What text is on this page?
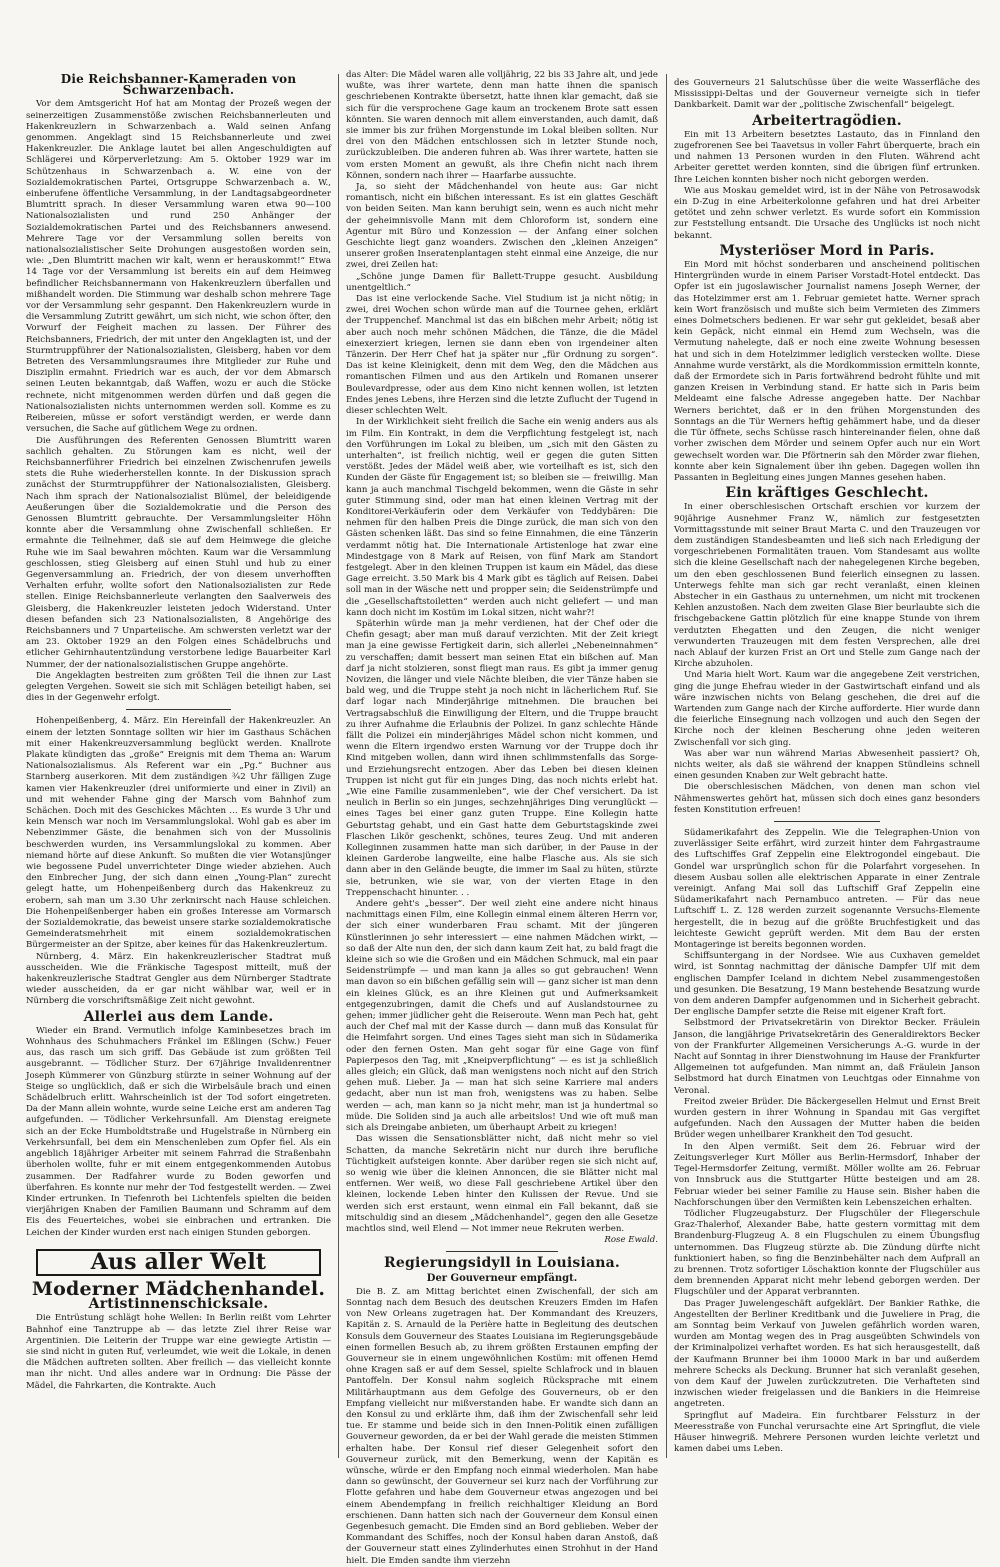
Die Reichsbanner-Kameraden von Schwarzenbach.

Vor dem Amtsgericht Hof hat am Montag der Prozeß wegen der seinerzeitigen Zusammenstöße zwischen Reichsbannerleuten und Hakenkreuzlern in Schwarzenbach a. Wald seinen Anfang genommen. Angeklagt sind 15 Reichsbannerleute und zwei Hakenkreuzler. Die Anklage lautet bei allen Angeschuldigten auf Schlägerei und Körperverletzung: Am 5. Oktober 1929 war im Schützenhaus in Schwarzenbach a. W. eine von der Sozialdemokratischen Partei, Ortsgruppe Schwarzenbach a. W., einberufene öffentliche Versammlung, in der Landtagsabgeordneter Blumtritt sprach. In dieser Versammlung waren etwa 90—100 Nationalsozialisten und rund 250 Anhänger der Sozialdemokratischen Partei und des Reichsbanners anwesend. Mehrere Tage vor der Versammlung sollen bereits von nationalsozialistischer Seite Drohungen ausgestoßen worden sein, wie: „Den Blumtritt machen wir kalt, wenn er herauskommt!“ Etwa 14 Tage vor der Versammlung ist bereits ein auf dem Heimweg befindlicher Reichsbannermann von Hakenkreuzlern überfallen und mißhandelt worden. Die Stimmung war deshalb schon mehrere Tage vor der Versammlung sehr gespannt. Den Hakenkreuzlern wurde in die Versammlung Zutritt gewährt, um sich nicht, wie schon öfter, den Vorwurf der Feigheit machen zu lassen. Der Führer des Reichsbanners, Friedrich, der mit unter den Angeklagten ist, und der Sturmtruppführer der Nationalsozialisten, Gleisberg, haben vor dem Betreten des Versammlungsraumes ihre Mitglieder zur Ruhe und Disziplin ermahnt. Friedrich war es auch, der vor dem Abmarsch seinen Leuten bekanntgab, daß Waffen, wozu er auch die Stöcke rechnete, nicht mitgenommen werden dürfen und daß gegen die Nationalsozialisten nichts unternommen werden soll. Komme es zu Reibereien, müsse er sofort verständigt werden, er werde dann versuchen, die Sache auf gütlichem Wege zu ordnen.

Die Ausführungen des Referenten Genossen Blumtritt waren sachlich gehalten. Zu Störungen kam es nicht, weil der Reichsbannerführer Friedrich bei einzelnen Zwischenrufen jeweils stets die Ruhe wiederherstellen konnte. In der Diskussion sprach zunächst der Sturmtruppführer der Nationalsozialisten, Gleisberg. Nach ihm sprach der Nationalsozialist Blümel, der beleidigende Aeußerungen über die Sozialdemokratie und die Person des Genossen Blumtritt gebrauchte. Der Versammlungsleiter Höhn konnte aber die Versammlung ohne Zwischenfall schließen. Er ermahnte die Teilnehmer, daß sie auf dem Heimwege die gleiche Ruhe wie im Saal bewahren möchten. Kaum war die Versammlung geschlossen, stieg Gleisberg auf einen Stuhl und hub zu einer Gegenversammlung an. Friedrich, der von diesem unverhofften Verhalten erfuhr, wollte sofort den Nationalsozialisten zur Rede stellen. Einige Reichsbannerleute verlangten den Saalverweis des Gleisberg, die Hakenkreuzler leisteten jedoch Widerstand. Unter diesen befanden sich 23 Nationalsozialisten, 8 Angehörige des Reichsbanners und 7 Unparteiische. Am schwersten verletzt war der am 23. Oktober 1929 an den Folgen eines Schädelbruchs und etlicher Gehirnhautentzündung verstorbene ledige Bauarbeiter Karl Nummer, der der nationalsozialistischen Gruppe angehörte.

Die Angeklagten bestreiten zum größten Teil die ihnen zur Last gelegten Vergehen. Soweit sie sich mit Schlägen beteiligt haben, sei dies in der Gegenwehr erfolgt.

Hohenpeißenberg, 4. März. Ein Hereinfall der Hakenkreuzler. An einem der letzten Sonntage sollten wir hier im Gasthaus Schächen mit einer Hakenkreuzversammlung beglückt werden. Knallrote Plakate kündigten das „große“ Ereignis mit dem Thema an: Warum Nationalsozialismus. Als Referent war ein „Pg.“ Buchner aus Starnberg auserkoren. Mit dem zuständigen ¾2 Uhr fälligen Zuge kamen vier Hakenkreuzler (drei uniformierte und einer in Zivil) an und mit wehender Fahne ging der Marsch vom Bahnhof zum Schächen. Doch mit des Geschickes Mächten … Es wurde 3 Uhr und kein Mensch war noch im Versammlungslokal. Wohl gab es aber im Nebenzimmer Gäste, die benahmen sich von der Mussolinis beschwerden wurden, ins Versammlungslokal zu kommen. Aber niemand hörte auf diese Ankunft. So mußten die vier Wotansjünger wie begossene Pudel unverrichteter Dinge wieder abziehen. Auch den Einbrecher Jung, der sich dann einen „Young-Plan“ zurecht gelegt hatte, um Hohenpeißenberg durch das Hakenkreuz zu erobern, sah man um 3.30 Uhr zerknirscht nach Hause schleichen. Die Hohenpeißenberger haben ein großes Interesse am Vormarsch der Sozialdemokratie, das beweist unsere starke sozialdemokratische Gemeinderatsmehrheit mit einem sozialdemokratischen Bürgermeister an der Spitze, aber keines für das Hakenkreuzlertum.

Nürnberg, 4. März. Ein hakenkreuzlerischer Stadtrat muß ausscheiden. Wie die Fränkische Tagespost mitteilt, muß der hakenkreuzlerische Stadtrat Gengler aus dem Nürnberger Stadtrate wieder ausscheiden, da er gar nicht wählbar war, weil er in Nürnberg die vorschriftsmäßige Zeit nicht gewohnt.

Allerlei aus dem Lande.

Wieder ein Brand. Vermutlich infolge Kaminbesetzes brach im Wohnhaus des Schuhmachers Fränkel im Eßlingen (Schw.) Feuer aus, das rasch um sich griff. Das Gebäude ist zum größten Teil ausgebrannt. — Tödlicher Sturz. Der 67jährige Invalidenrentner Joseph Kümmerer von Günzburg stürzte in seiner Wohnung auf der Steige so unglücklich, daß er sich die Wirbelsäule brach und einen Schädelbruch erlitt. Wahrscheinlich ist der Tod sofort eingetreten. Da der Mann allein wohnte, wurde seine Leiche erst am anderen Tag aufgefunden. — Tödlicher Verkehrsunfall. Am Dienstag ereignete sich an der Ecke Humboldtstraße und Hugelstraße in Nürnberg ein Verkehrsunfall, bei dem ein Menschenleben zum Opfer fiel. Als ein angeblich 18jähriger Arbeiter mit seinem Fahrrad die Straßenbahn überholen wollte, fuhr er mit einem entgegenkommenden Autobus zusammen. Der Radfahrer wurde zu Boden geworfen und überfahren. Es konnte nur mehr der Tod festgestellt werden. — Zwei Kinder ertrunken. In Tiefenroth bei Lichtenfels spielten die beiden vierjährigen Knaben der Familien Baumann und Schramm auf dem Eis des Feuerteiches, wobei sie einbrachen und ertranken. Die Leichen der Kinder wurden erst nach einigen Stunden geborgen.

Aus aller Welt
Moderner Mädchenhandel.
Artistinnenschicksale.

Die Entrüstung schlägt hohe Wellen: In Berlin reißt vom Lehrter Bahnhof eine Tanztruppe ab — das letzte Ziel ihrer Reise war Argentinien. Die Leiterin der Truppe war eine gewiegte Artistin — sie sind nicht in guten Ruf, verleumdet, wie weit die Lokale, in denen die Mädchen auftreten sollten. Aber freilich — das vielleicht konnte man ihr nicht. Und alles andere war in Ordnung: Die Pässe der Mädel, die Fahrkarten, die Kontrakte. Auch

das Alter: Die Mädel waren alle volljährig, 22 bis 33 Jahre alt, und jede wußte, was ihrer wartete, denn man hatte ihnen die spanisch geschriebenen Kontrakte übersetzt, hatte ihnen klar gemacht, daß sie sich für die versprochene Gage kaum an trockenem Brote satt essen könnten. Sie waren dennoch mit allem einverstanden, auch damit, daß sie immer bis zur frühen Morgenstunde im Lokal bleiben sollten. Nur drei von den Mädchen entschlossen sich in letzter Stunde noch, zurückzubleiben. Die anderen fuhren ab. Was ihrer wartete, hatten sie vom ersten Moment an gewußt, als ihre Chefin nicht nach ihrem Können, sondern nach ihrer — Haarfarbe aussuchte.

Ja, so sieht der Mädchenhandel von heute aus: Gar nicht romantisch, nicht ein bißchen interessant. Es ist ein glattes Geschäft von beiden Seiten. Man kann beruhigt sein, wenn es auch nicht mehr der geheimnisvolle Mann mit dem Chloroform ist, sondern eine Agentur mit Büro und Konzession — der Anfang einer solchen Geschichte liegt ganz woanders. Zwischen den „kleinen Anzeigen“ unserer großen Inseratenplantagen steht einmal eine Anzeige, die nur zwei, drei Zeilen hat:

„Schöne junge Damen für Ballett-Truppe gesucht. Ausbildung unentgeltlich.“

Das ist eine verlockende Sache. Viel Studium ist ja nicht nötig; in zwei, drei Wochen schon würde man auf die Tournee gehen, erklärt der Truppenchef. Manchmal ist das ein bißchen mehr Arbeit; nötig ist aber auch noch mehr schönen Mädchen, die Tänze, die die Mädel einexerziert kriegen, lernen sie dann eben von irgendeiner alten Tänzerin. Der Herr Chef hat ja später nur „für Ordnung zu sorgen“. Das ist keine Kleinigkeit, denn mit dem Weg, den die Mädchen aus romantischen Filmen und aus den Artikeln und Romanen unserer Boulevardpresse, oder aus dem Kino nicht kennen wollen, ist letzten Endes jenes Lebens, ihre Herzen sind die letzte Zuflucht der Tugend in dieser schlechten Welt.

In der Wirklichkeit sieht freilich die Sache ein wenig anders aus als im Film. Ein Kontrakt, in dem die Verpflichtung festgelegt ist, nach den Vorführungen im Lokal zu bleiben, um „sich mit den Gästen zu unterhalten“, ist freilich nichtig, weil er gegen die guten Sitten verstößt. Jedes der Mädel weiß aber, wie vorteilhaft es ist, sich den Kunden der Gäste für Engagement ist; so bleiben sie — freiwillig. Man kann ja auch manchmal Tischgeld bekommen, wenn die Gäste in sehr guter Stimmung sind, oder man hat einen kleinen Vertrag mit der Konditorei-Verkäuferin oder dem Verkäufer von Teddybären: Die nehmen für den halben Preis die Dinge zurück, die man sich von den Gästen schenken läßt. Das sind so feine Einnahmen, die eine Tänzerin verdammt nötig hat. Die Internationale Artistenloge hat zwar eine Mindestgage von 8 Mark auf Reisen, von fünf Mark am Standort festgelegt. Aber in den kleinen Truppen ist kaum ein Mädel, das diese Gage erreicht. 3.50 Mark bis 4 Mark gibt es täglich auf Reisen. Dabei soll man in der Wäsche nett und propper sein; die Seidenstrümpfe und die „Gesellschaftstoiletten“ werden auch nicht geliefert — und man kann doch nicht im Kostüm im Lokal sitzen, nicht wahr?!

Späterhin würde man ja mehr verdienen, hat der Chef oder die Chefin gesagt; aber man muß darauf verzichten. Mit der Zeit kriegt man ja eine gewisse Fertigkeit darin, sich allerlei „Nebeneinnahmen“ zu verschaffen; damit bessert man seinen Etat ein bißchen auf. Man darf ja nicht stolzieren, sonst fliegt man raus. Es gibt ja immer genug Novizen, die länger und viele Nächte bleiben, die vier Tänze haben sie bald weg, und die Truppe steht ja noch nicht in lächerlichem Ruf. Sie darf logar nach Minderjährige mitnehmen. Die brauchen bei Vertragsabschluß die Einwilligung der Eltern, und die Truppe braucht zu ihrer Aufnahme die Erlaubnis der Polizei. In ganz schlechte Hände fällt die Polizei ein minderjähriges Mädel schon nicht kommen, und wenn die Eltern irgendwo ersten Warnung vor der Truppe doch ihr Kind mitgeben wollen, dann wird ihnen schlimmstenfalls das Sorge- und Erziehungsrecht entzogen. Aber das Leben bei diesen kleinen Truppen ist nicht gut für ein junges Ding, das noch nichts erlebt hat. „Wie eine Familie zusammenleben“, wie der Chef versichert. Da ist neulich in Berlin so ein junges, sechzehnjähriges Ding verunglückt — eines Tages bei einer ganz guten Truppe. Eine Kollegin hatte Geburtstag gehabt, und ein Gast hatte dem Geburtstagskinde zwei Flaschen Likör geschenkt, schönes, teures Zeug. Und mit anderen Kolleginnen zusammen hatte man sich darüber, in der Pause in der kleinen Garderobe langweilte, eine halbe Flasche aus. Als sie sich dann aber in den Gelände beugte, die immer im Saal zu hüten, stürzte sie, betrunken, wie sie war, von der vierten Etage in den Treppenschacht hinunter. . .

Andere geht's „besser“. Der weil zieht eine andere nicht hinaus nachmittags einen Film, eine Kollegin einmal einem älteren Herrn vor, der sich einer wunderbaren Frau schamt. Mit der jüngeren Künstlerinnen jo sehr interessiert — eine nahmen Mädchen wirkt, — so daß der Alte nun den, der sich dann kaum Zeit hat, zu bald fragt die kleine sich so wie die Großen und ein Mädchen Schmuck, mal ein paar Seidenstrümpfe — und man kann ja alles so gut gebrauchen! Wenn man davon so ein bißchen gefällig sein will — ganz sicher ist man denn ein kleines Glück, es an ihre Kleinen gut und Aufmerksamkeit entgegenzubringen, damit die Chefs und auf Auslandstournee zu gehen; immer jüdlicher geht die Reiseroute. Wenn man Pech hat, geht auch der Chef mal mit der Kasse durch — dann muß das Konsulat für die Heimfahrt sorgen. Und eines Tages sieht man sich in Südamerika oder den fernen Osten. Man geht sogar für eine Gage von fünf Papierpesos den Tag, mit „Kneipverpflichtung“ — es ist ja schließlich alles gleich; ein Glück, daß man wenigstens noch nicht auf den Strich gehen muß. Lieber. Ja — man hat sich seine Karriere mal anders gedacht, aber nun ist man froh, wenigstens was zu haben. Selbe werden — ach, man kann so ja nicht mehr, man ist ja hundertmal so müde. Die Soliden sind ja auch alle arbeitslos! Und wie oft muß man sich als Dreingabe anbieten, um überhaupt Arbeit zu kriegen!

Das wissen die Sensationsblätter nicht, daß nicht mehr so viel Schatten, da manche Sekretärin nicht nur durch ihre berufliche Tüchtigkeit aufsteigen konnte. Aber darüber regen sie sich nicht auf, so wenig wie über die kleinen Annoncen, die sie Blätter nicht mal entfernen. Wer weiß, wo diese Fall geschriebene Artikel über den kleinen, lockende Leben hinter den Kulissen der Revue. Und sie werden sich erst erstaunt, wenn einmal ein Fall bekannt, daß sie mitschuldig sind an diesem „Mädchenhandel“, gegen den alle Gesetze machtlos sind, weil Elend — Not immer neue Rekruten werben.

Rose Ewald.
Regierungsidyll in Louisiana.
Der Gouverneur empfängt.

Die B. Z. am Mittag berichtet einen Zwischenfall, der sich am Sonntag nach dem Besuch des deutschen Kreuzers Emden im Hafen von New Orleans zugetragen hat. Der Kommandant des Kreuzers, Kapitän z. S. Arnauld de la Perière hatte in Begleitung des deutschen Konsuls dem Gouverneur des Staates Louisiana im Regierungsgebäude einen formellen Besuch ab, zu ihrem größten Erstaunen empfing der Gouverneur sie in einem ungewöhnlichen Kostüm: mit offenen Hemd ohne Kragen saß er auf dem Sessel, spielte Schlafrock und in blauen Pantoffeln. Der Konsul nahm sogleich Rücksprache mit einem Militärhauptmann aus dem Gefolge des Gouverneurs, ob er den Empfang vielleicht nur mißverstanden habe. Er wandte sich dann an den Konsul zu und erklärte ihm, daß ihm der Zwischenfall sehr leid tue. Er stamme und beide sich in den Innen-Politik einen zufälligen Gouverneur geworden, da er bei der Wahl gerade die meisten Stimmen erhalten habe. Der Konsul rief dieser Gelegenheit sofort den Gouverneur zurück, mit den Bemerkung, wenn der Kapitän es wünsche, würde er den Empfang noch einmal wiederholen. Man habe dann so gewünscht, der Gouverneur sei kurz nach der Vorführung zur Flotte gefahren und habe dem Gouverneur etwas angezogen und bei einem Abendempfang in freilich reichhaltiger Kleidung an Bord erschienen. Dann hatten sich nach der Gouverneur dem Konsul einen Gegenbesuch gemacht. Die Emden sind an Bord geblieben. Weber der Kommandant des Schiffes, noch der Konsul haben daran Anstoß, daß der Gouverneur statt eines Zylinderhutes einen Strohhut in der Hand hielt. Die Emden sandte ihm vierzehn

des Gouverneurs 21 Salutschüsse über die weite Wasserfläche des Mississippi-Deltas und der Gouverneur verneigte sich in tiefer Dankbarkeit. Damit war der „politische Zwischenfall“ beigelegt.

Arbeitertragödien.

Ein mit 13 Arbeitern besetztes Lastauto, das in Finnland den zugefrorenen See bei Taavetsus in voller Fahrt überquerte, brach ein und nahmen 13 Personen wurden in den Fluten. Während acht Arbeiter gerettet werden konnten, sind die übrigen fünf ertrunken. Ihre Leichen konnten bisher noch nicht geborgen werden.

Wie aus Moskau gemeldet wird, ist in der Nähe von Petrosawodsk ein D-Zug in eine Arbeiterkolonne gefahren und hat drei Arbeiter getötet und zehn schwer verletzt. Es wurde sofort ein Kommission zur Feststellung entsandt. Die Ursache des Unglücks ist noch nicht bekannt.

Mysteriöser Mord in Paris.

Ein Mord mit höchst sonderbaren und anscheinend politischen Hintergründen wurde in einem Pariser Vorstadt-Hotel entdeckt. Das Opfer ist ein jugoslawischer Journalist namens Joseph Werner, der das Hotelzimmer erst am 1. Februar gemietet hatte. Werner sprach kein Wort französisch und mußte sich beim Vermieten des Zimmers eines Dolmetschers bedienen. Er war sehr gut gekleidet, besaß aber kein Gepäck, nicht einmal ein Hemd zum Wechseln, was die Vermutung nahelegte, daß er noch eine zweite Wohnung besessen hat und sich in dem Hotelzimmer lediglich verstecken wollte. Diese Annahme wurde verstärkt, als die Mordkommission ermitteln konnte, daß der Ermordete sich in Paris fortwährend bedroht fühlte und mit ganzen Kreisen in Verbindung stand. Er hatte sich in Paris beim Meldeamt eine falsche Adresse angegeben hatte. Der Nachbar Werners berichtet, daß er in den frühen Morgenstunden des Sonntags an die Tür Werners heftig gehämmert habe, und da dieser die Tür öffnete, sechs Schüsse rasch hintereinander fielen, ohne daß vorher zwischen dem Mörder und seinem Opfer auch nur ein Wort gewechselt worden war. Die Pförtnerin sah den Mörder zwar fliehen, konnte aber kein Signalement über ihn geben. Dagegen wollen ihn Passanten in Begleitung eines jungen Mannes gesehen haben.

Ein kräftiges Geschlecht.

In einer oberschlesischen Ortschaft erschien vor kurzem der 90jährige Ausnehmer Franz W., nämlich zur festgesetzten Vormittagsstunde mit seiner Braut Marta C. und den Trauzeugen vor dem zuständigen Standesbeamten und ließ sich nach Erledigung der vorgeschriebenen Formalitäten trauen. Vom Standesamt aus wollte sich die kleine Gesellschaft nach der nahegelegenen Kirche begeben, um den eben geschlossenen Bund feierlich einsegnen zu lassen. Unterwegs fehlte man sich gar recht veranlaßt, einen kleinen Abstecher in ein Gasthaus zu unternehmen, um nicht mit trockenen Kehlen anzustoßen. Nach dem zweiten Glase Bier beurlaubte sich die frischgebackene Gattin plötzlich für eine knappe Stunde von ihrem verdutzten Ehegatten und den Zeugen, die nicht weniger verwunderten Trauzeugen mit dem festen Versprechen, alle drei nach Ablauf der kurzen Frist an Ort und Stelle zum Gange nach der Kirche abzuholen.

Und Maria hielt Wort. Kaum war die angegebene Zeit verstrichen, ging die junge Ehefrau wieder in der Gastwirtschaft einfand und als wäre inzwischen nichts von Belang geschehen, die drei auf die Wartenden zum Gange nach der Kirche aufforderte. Hier wurde dann die feierliche Einsegnung nach vollzogen und auch den Segen der Kirche noch der kleinen Bescherung ohne jeden weiteren Zwischenfall vor sich ging.

Was aber war nun während Marias Abwesenheit passiert? Oh, nichts weiter, als daß sie während der knappen Stündleins schnell einen gesunden Knaben zur Welt gebracht hatte.

Die oberschlesischen Mädchen, von denen man schon viel Nähmenswertes gehört hat, müssen sich doch eines ganz besonders festen Konstitution erfreuen!

Südamerikafahrt des Zeppelin. Wie die Telegraphen-Union von zuverlässiger Seite erfährt, wird zurzeit hinter dem Fahrgastraume des Luftschiffes Graf Zeppelin eine Elektrogondel eingebaut. Die Gondel war ursprünglich schon für die Polarfahrt vorgesehen. In diesem Ausbau sollen alle elektrischen Apparate in einer Zentrale vereinigt. Anfang Mai soll das Luftschiff Graf Zeppelin eine Südamerikafahrt nach Pernambuco antreten. — Für das neue Luftschiff L. Z. 128 werden zurzeit sogenannte Versuchs-Elemente hergestellt, die in bezug auf die größte Bruchfestigkeit und das leichteste Gewicht geprüft werden. Mit dem Bau der ersten Montageringe ist bereits begonnen worden.

Schiffsuntergang in der Nordsee. Wie aus Cuxhaven gemeldet wird, ist Sonntag nachmittag der dänische Dampfer Ulf mit dem englischen Dampfer Iceland in dichtem Nebel zusammengestoßen und gesunken. Die Besatzung, 19 Mann bestehende Besatzung wurde von dem anderen Dampfer aufgenommen und in Sicherheit gebracht. Der englische Dampfer setzte die Reise mit eigener Kraft fort.

Selbstmord der Privatsekretärin von Direktor Becker. Fräulein Janson, die langjährige Privatsekretärin des Generaldirektors Becker von der Frankfurter Allgemeinen Versicherungs A.-G. wurde in der Nacht auf Sonntag in ihrer Dienstwohnung im Hause der Frankfurter Allgemeinen tot aufgefunden. Man nimmt an, daß Fräulein Janson Selbstmord hat durch Einatmen von Leuchtgas oder Einnahme von Veronal.

Freitod zweier Brüder. Die Bäckergesellen Helmut und Ernst Breit wurden gestern in ihrer Wohnung in Spandau mit Gas vergiftet aufgefunden. Nach den Aussagen der Mutter haben die beiden Brüder wegen unheilbarer Krankheit den Tod gesucht.

In den Alpen vermißt. Seit dem 26. Februar wird der Zeitungsverleger Kurt Möller aus Berlin-Hermsdorf, Inhaber der Tegel-Hermsdorfer Zeitung, vermißt. Möller wollte am 26. Februar von Innsbruck aus die Stuttgarter Hütte besteigen und am 28. Februar wieder bei seiner Familie zu Hause sein. Bisher haben die Nachforschungen über den Vermißten kein Lebenszeichen erhalten.

Tödlicher Flugzeugabsturz. Der Flugschüler der Fliegerschule Graz-Thalerhof, Alexander Babe, hatte gestern vormittag mit dem Brandenburg-Flugzeug A. 8 ein Flugschulen zu einem Übungsflug unternommen. Das Flugzeug stürzte ab. Die Zündung dürfte nicht funktioniert haben, so fing die Benzinbehälter nach dem Aufprall an zu brennen. Trotz sofortiger Löschaktion konnte der Flugschüler aus dem brennenden Apparat nicht mehr lebend geborgen werden. Der Flugschüler und der Apparat verbrannten.

Das Prager Juwelengeschäft aufgeklärt. Der Bankier Rathke, die Angestellten der Berliner Kreditbank und die Juweliere in Prag, die am Sonntag beim Verkauf von Juwelen gefährlich worden waren, wurden am Montag wegen des in Prag ausgeübten Schwindels von der Kriminalpolizei verhaftet worden. Es hat sich herausgestellt, daß der Kaufmann Brunner bei ihm 10000 Mark in bar und außerdem mehrere Schecks als Deckung. Brunner hat sich veranlaßt gesehen, von dem Kauf der Juwelen zurückzutreten. Die Verhafteten sind inzwischen wieder freigelassen und die Bankiers in die Heimreise angetreten.

Springflut auf Madeira. Ein furchtbarer Felssturz in der Meeresstraße von Funchal verursachte eine Art Springflut, die viele Häuser hinwegriß. Mehrere Personen wurden leichte verletzt und kamen dabei ums Leben.
